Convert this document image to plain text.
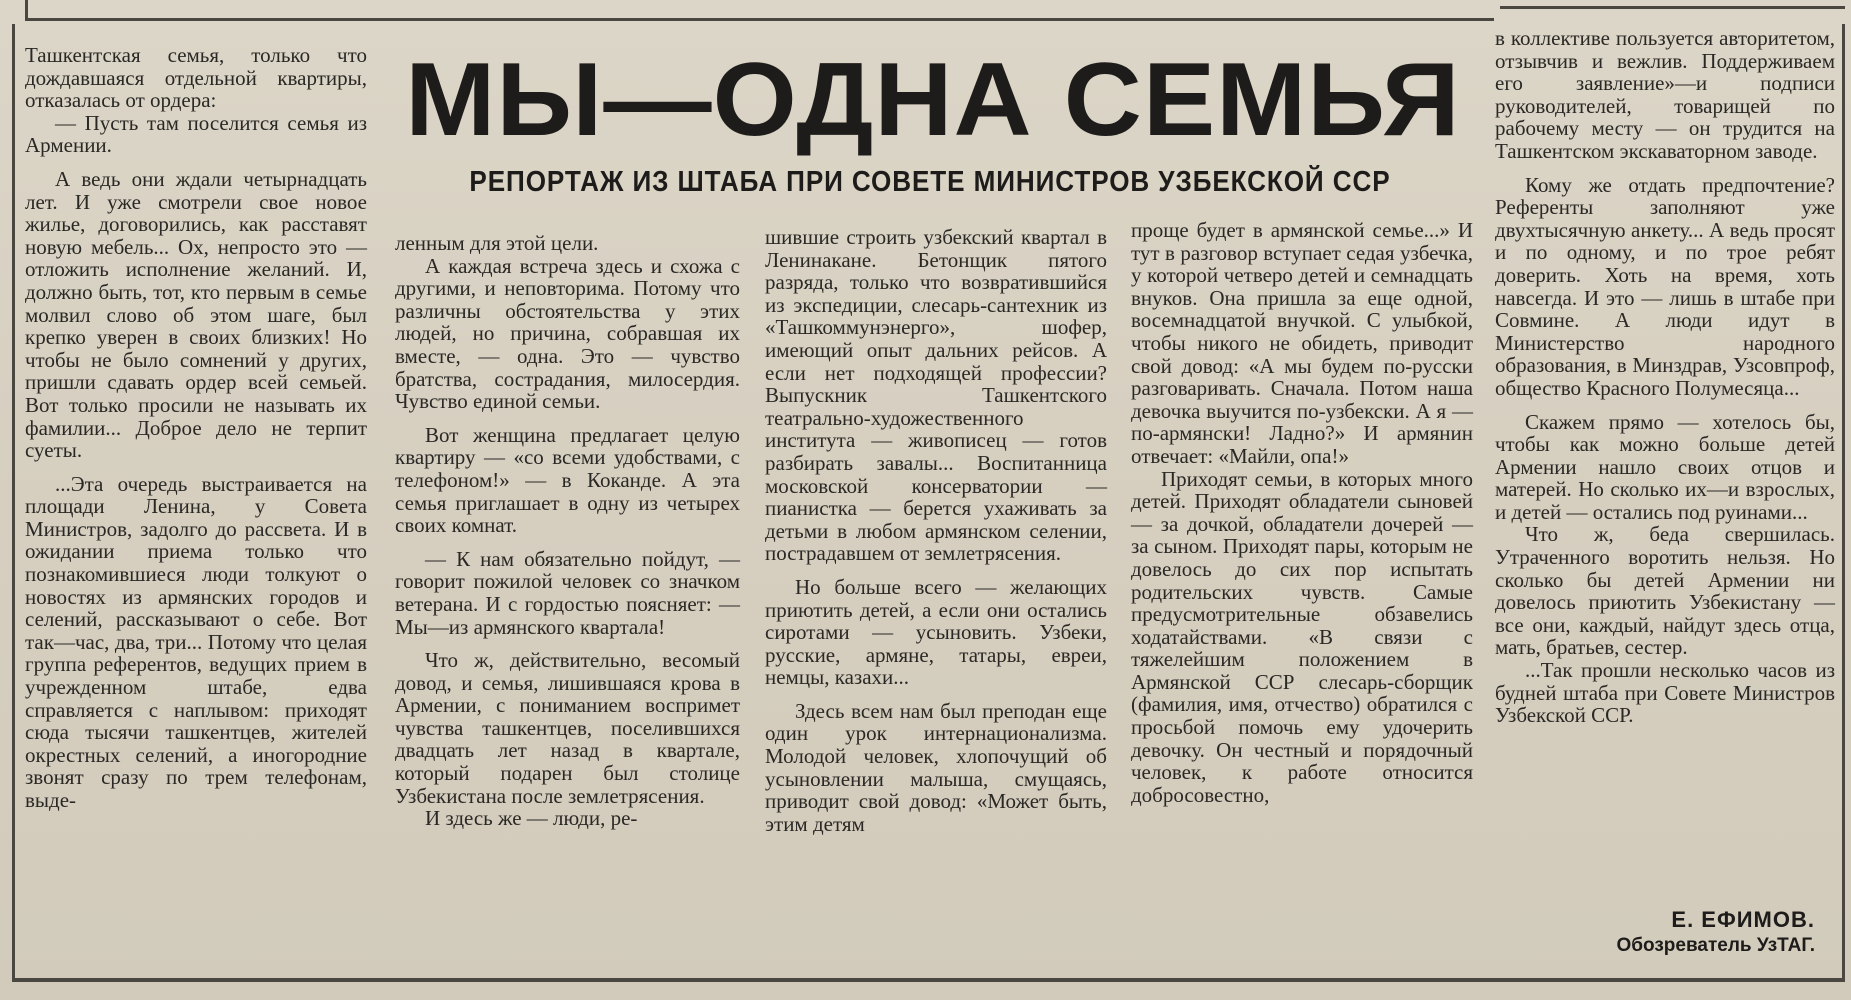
МЫ—ОДНА СЕМЬЯ
РЕПОРТАЖ ИЗ ШТАБА ПРИ СОВЕТЕ МИНИСТРОВ УЗБЕКСКОЙ ССР

Ташкентская семья, только что дождавшаяся отдельной квартиры, отказалась от ордера:

— Пусть там поселится семья из Армении.

А ведь они ждали четырнадцать лет. И уже смотрели свое новое жилье, договорились, как расставят новую мебель... Ох, непросто это — отложить исполнение желаний. И, должно быть, тот, кто первым в семье молвил слово об этом шаге, был крепко уверен в своих близких! Но чтобы не было сомнений у других, пришли сдавать ордер всей семьей. Вот только просили не называть их фамилии... Доброе дело не терпит суеты.

...Эта очередь выстраивается на площади Ленина, у Совета Министров, задолго до рассвета. И в ожидании приема только что познакомившиеся люди толкуют о новостях из армянских городов и селений, рассказывают о себе. Вот так—час, два, три... Потому что целая группа референтов, ведущих прием в учрежденном штабе, едва справляется с наплывом: приходят сюда тысячи ташкентцев, жителей окрестных селений, а иногородние звонят сразу по трем телефонам, выде-

ленным для этой цели.

А каждая встреча здесь и схожа с другими, и неповторима. Потому что различны обстоятельства у этих людей, но причина, собравшая их вместе, — одна. Это — чувство братства, сострадания, милосердия. Чувство единой семьи.

Вот женщина предлагает целую квартиру — «со всеми удобствами, с телефоном!» — в Коканде. А эта семья приглашает в одну из четырех своих комнат.

— К нам обязательно пойдут, — говорит пожилой человек со значком ветерана. И с гордостью поясняет: — Мы—из армянского квартала!

Что ж, действительно, весомый довод, и семья, лишившаяся крова в Армении, с пониманием воспримет чувства ташкентцев, поселившихся двадцать лет назад в квартале, который подарен был столице Узбекистана после землетрясения.

И здесь же — люди, ре-

шившие строить узбекский квартал в Ленинакане. Бетонщик пятого разряда, только что возвратившийся из экспедиции, слесарь-сантехник из «Ташкоммунэнерго», шофер, имеющий опыт дальних рейсов. А если нет подходящей профессии? Выпускник Ташкентского театрально-художественного института — живописец — готов разбирать завалы... Воспитанница московской консерватории — пианистка — берется ухаживать за детьми в любом армянском селении, пострадавшем от землетрясения.

Но больше всего — желающих приютить детей, а если они остались сиротами — усыновить. Узбеки, русские, армяне, татары, евреи, немцы, казахи...

Здесь всем нам был преподан еще один урок интернационализма. Молодой человек, хлопочущий об усыновлении малыша, смущаясь, приводит свой довод: «Может быть, этим детям

проще будет в армянской семье...» И тут в разговор вступает седая узбечка, у которой четверо детей и семнадцать внуков. Она пришла за еще одной, восемнадцатой внучкой. С улыбкой, чтобы никого не обидеть, приводит свой довод: «А мы будем по-русски разговаривать. Сначала. Потом наша девочка выучится по-узбекски. А я — по-армянски! Ладно?» И армянин отвечает: «Майли, опа!»

Приходят семьи, в которых много детей. Приходят обладатели сыновей — за дочкой, обладатели дочерей — за сыном. Приходят пары, которым не довелось до сих пор испытать родительских чувств. Самые предусмотрительные обзавелись ходатайствами. «В связи с тяжелейшим положением в Армянской ССР слесарь-сборщик (фамилия, имя, отчество) обратился с просьбой помочь ему удочерить девочку. Он честный и порядочный человек, к работе относится добросовестно,

в коллективе пользуется авторитетом, отзывчив и вежлив. Поддерживаем его заявление»—и подписи руководителей, товарищей по рабочему месту — он трудится на Ташкентском экскаваторном заводе.

Кому же отдать предпочтение? Референты заполняют уже двухтысячную анкету... А ведь просят и по одному, и по трое ребят доверить. Хоть на время, хоть навсегда. И это — лишь в штабе при Совмине. А люди идут в Министерство народного образования, в Минздрав, Узсовпроф, общество Красного Полумесяца...

Скажем прямо — хотелось бы, чтобы как можно больше детей Армении нашло своих отцов и матерей. Но сколько их—и взрослых, и детей — остались под руинами...

Что ж, беда свершилась. Утраченного воротить нельзя. Но сколько бы детей Армении ни довелось приютить Узбекистану — все они, каждый, найдут здесь отца, мать, братьев, сестер.

...Так прошли несколько часов из будней штаба при Совете Министров Узбекской ССР.

Е. ЕФИМОВ.
Обозреватель УзТАГ.
